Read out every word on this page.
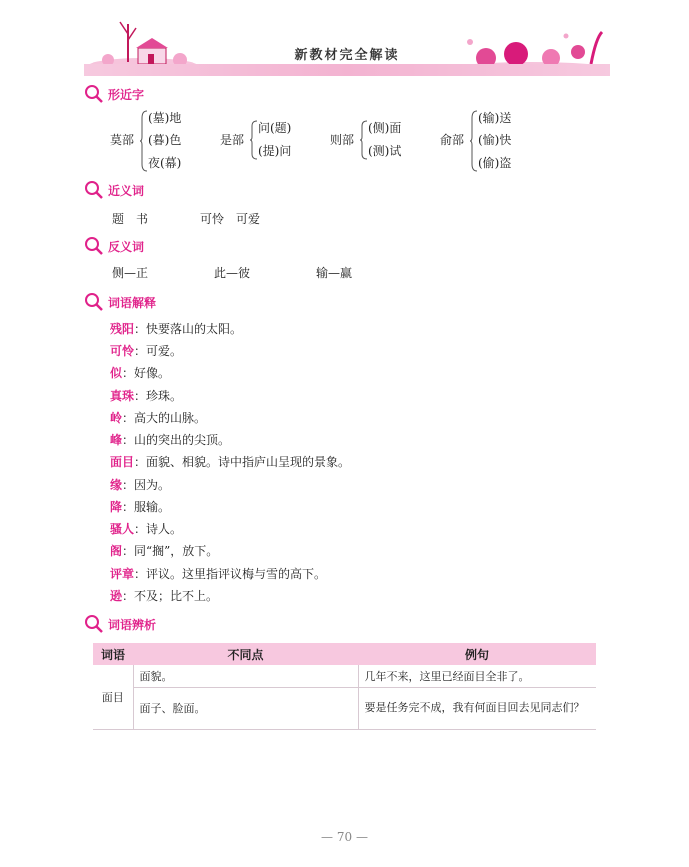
新教材完全解读
形近字
莫部
(墓)地
(暮)色
夜(幕)
是部
问(题)
(提)问
则部
(侧)面
(测)试
俞部
(输)送
(愉)快
(偷)盗
近义词
题　书	可怜　可爱
反义词
侧—正	此—彼	输—赢
词语解释
残阳：快要落山的太阳。
可怜：可爱。
似：好像。
真珠：珍珠。
岭：高大的山脉。
峰：山的突出的尖顶。
面目：面貌、相貌。诗中指庐山呈现的景象。
缘：因为。
降：服输。
骚人：诗人。
阁：同“搁”，放下。
评章：评议。这里指评议梅与雪的高下。
逊：不及；比不上。
词语辨析
词语	不同点	例句
面目	面貌。	几年不来，这里已经面目全非了。
	面子、脸面。	要是任务完不成，我有何面目回去见同志们？
— 70 —
